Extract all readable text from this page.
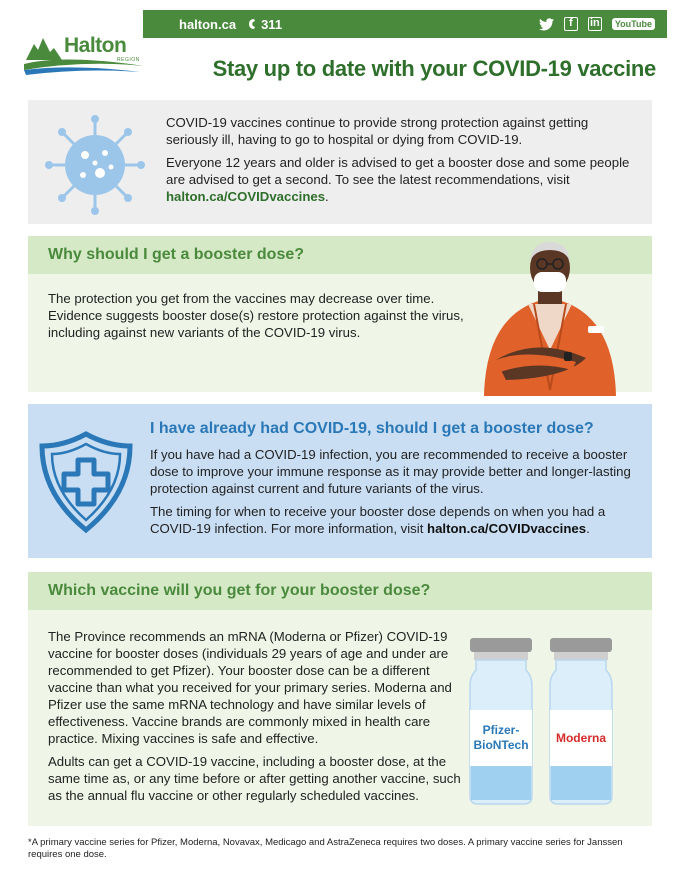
halton.ca 311	f	in	YouTube
Halton
REGION	Stay up to date with your COVID-19 vaccine

COVID-19 vaccines continue to provide strong protection against getting seriously ill, having to go to hospital or dying from COVID-19.

Everyone 12 years and older is advised to get a booster dose and some people are advised to get a second. To see the latest recommendations, visit halton.ca/COVIDvaccines.

Why should I get a booster dose?

The protection you get from the vaccines may decrease over time. Evidence suggests booster dose(s) restore protection against the virus, including against new variants of the COVID-19 virus.

I have already had COVID-19, should I get a booster dose?

If you have had a COVID-19 infection, you are recommended to receive a booster dose to improve your immune response as it may provide better and longer-lasting protection against current and future variants of the virus.

The timing for when to receive your booster dose depends on when you had a COVID-19 infection. For more information, visit halton.ca/COVIDvaccines.

Which vaccine will you get for your booster dose?

The Province recommends an mRNA (Moderna or Pfizer) COVID-19 vaccine for booster doses (individuals 29 years of age and under are recommended to get Pfizer). Your booster dose can be a different vaccine than what you received for your primary series. Moderna and Pfizer use the same mRNA technology and have similar levels of effectiveness. Vaccine brands are commonly mixed in health care practice. Mixing vaccines is safe and effective.

Adults can get a COVID-19 vaccine, including a booster dose, at the same time as, or any time before or after getting another vaccine, such as the annual flu vaccine or other regularly scheduled vaccines.

Pfizer-
BioNTech Moderna

*A primary vaccine series for Pfizer, Moderna, Novavax, Medicago and AstraZeneca requires two doses. A primary vaccine series for Janssen requires one dose.
